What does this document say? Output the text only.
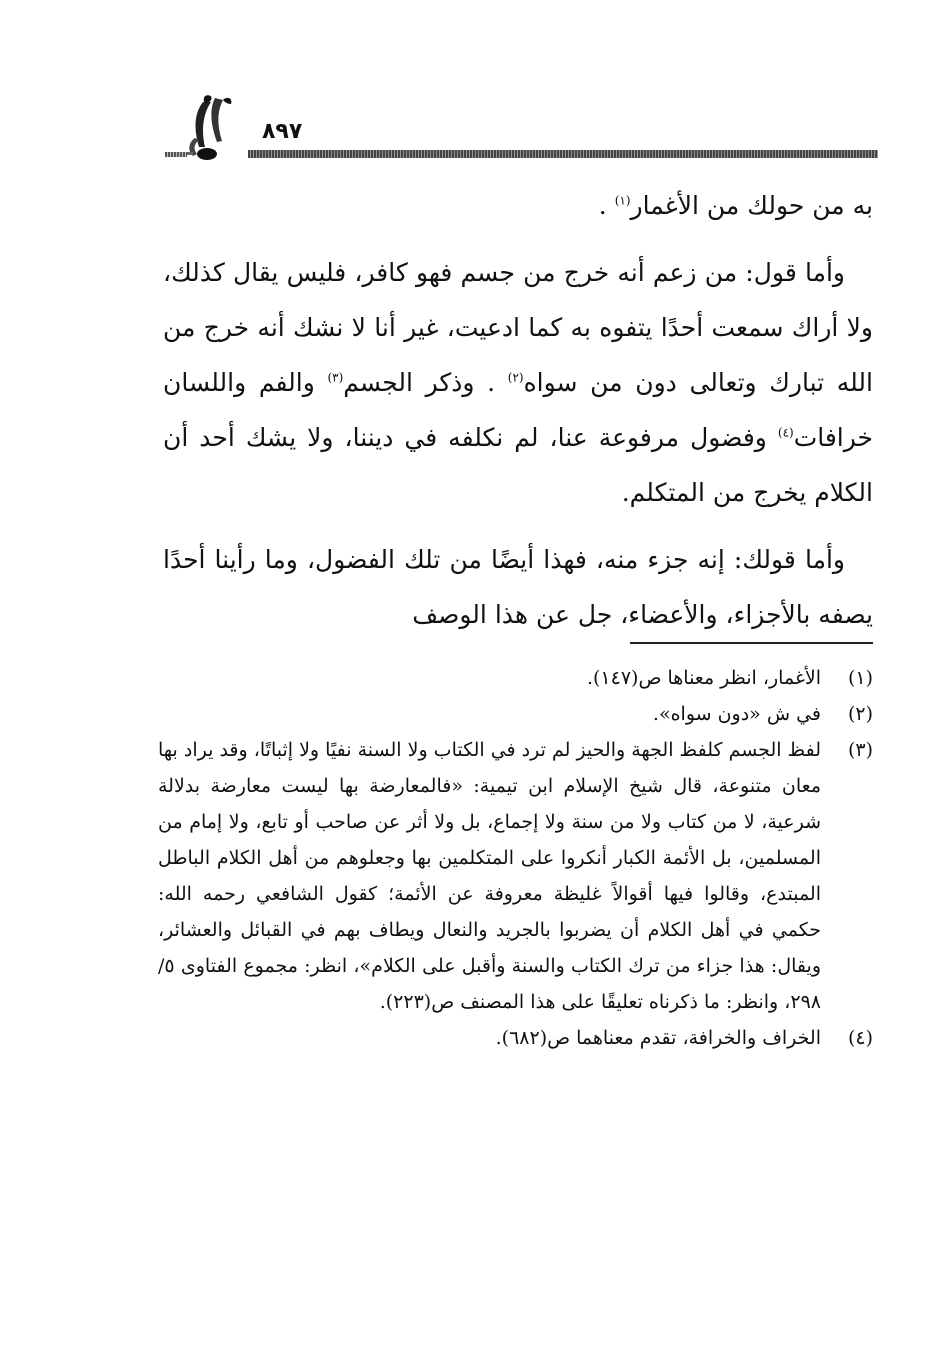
٨٩٧

به من حولك من الأغمار$^{(١)}$ .

وأما قول: من زعم أنه خرج من جسم فهو كافر، فليس يقال كذلك، ولا أراك سمعت أحدًا يتفوه به كما ادعيت، غير أنا لا نشك أنه خرج من الله تبارك وتعالى دون من سواه$^{(٢)}$ . وذكر الجسم$^{(٣)}$ والفم واللسان خرافات$^{(٤)}$ وفضول مرفوعة عنا، لم نكلفه في ديننا، ولا يشك أحد أن الكلام يخرج من المتكلم.

وأما قولك: إنه جزء منه، فهذا أيضًا من تلك الفضول، وما رأينا أحدًا يصفه بالأجزاء، والأعضاء، جل عن هذا الوصف

(١)
الأغمار، انظر معناها ص(١٤٧).
(٢)
في ش «دون سواه».
(٣)
لفظ الجسم كلفظ الجهة والحيز لم ترد في الكتاب ولا السنة نفيًا ولا إثباتًا، وقد يراد بها معان متنوعة، قال شيخ الإسلام ابن تيمية: «فالمعارضة بها ليست معارضة بدلالة شرعية، لا من كتاب ولا من سنة ولا إجماع، بل ولا أثر عن صاحب أو تابع، ولا إمام من المسلمين، بل الأئمة الكبار أنكروا على المتكلمين بها وجعلوهم من أهل الكلام الباطل المبتدع، وقالوا فيها أقوالاً غليظة معروفة عن الأئمة؛ كقول الشافعي رحمه الله: حكمي في أهل الكلام أن يضربوا بالجريد والنعال ويطاف بهم في القبائل والعشائر، ويقال: هذا جزاء من ترك الكتاب والسنة وأقبل على الكلام»، انظر: مجموع الفتاوى ٥/ ٢٩٨، وانظر: ما ذكرناه تعليقًا على هذا المصنف ص(٢٢٣).
(٤)
الخراف والخرافة، تقدم معناهما ص(٦٨٢).
